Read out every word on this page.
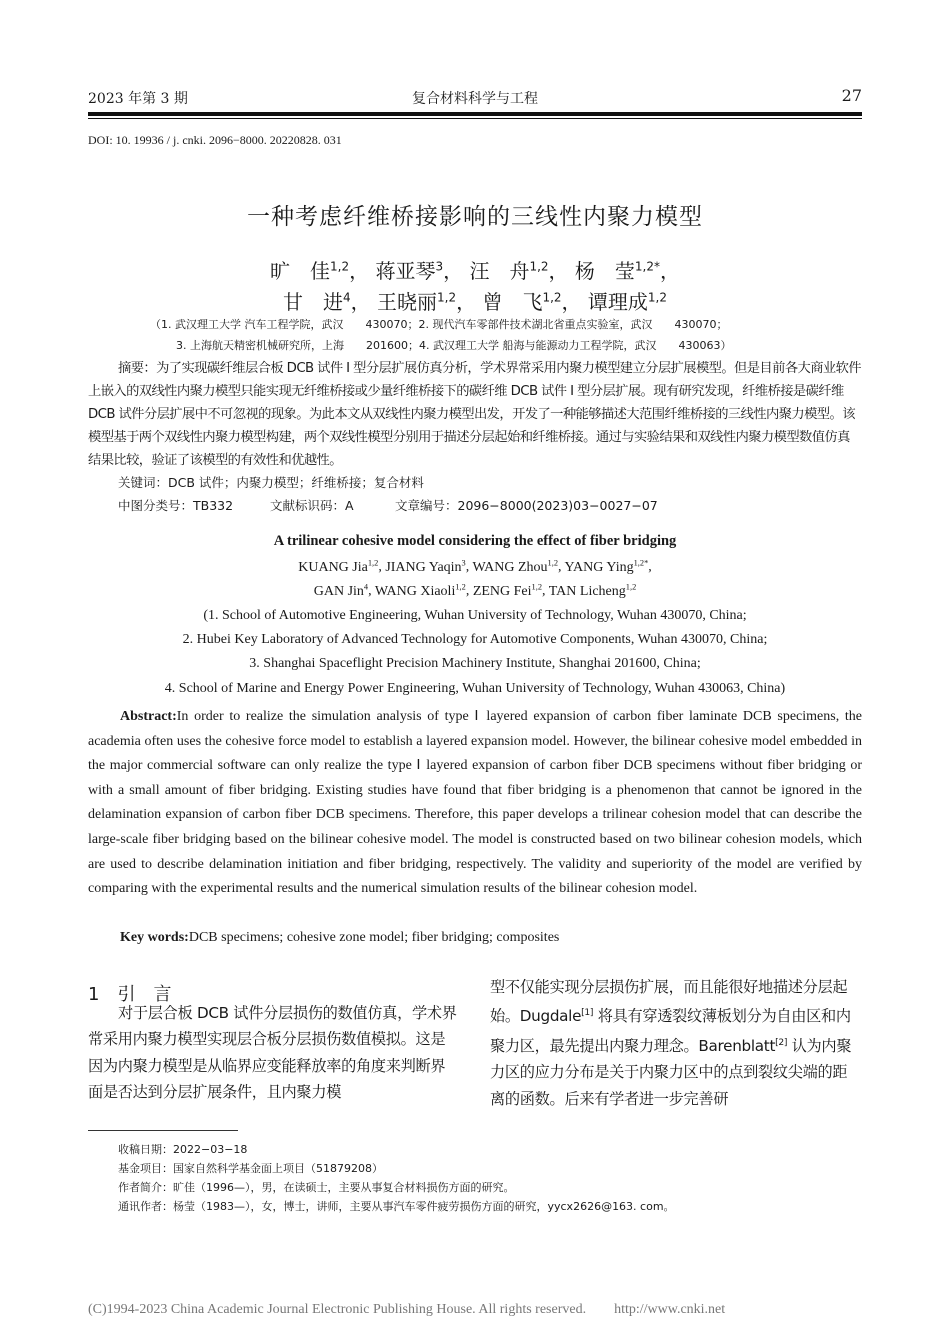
2023 年第 3 期	复合材料科学与工程	27
DOI: 10. 19936 / j. cnki. 2096−8000. 20220828. 031
一种考虑纤维桥接影响的三线性内聚力模型
旷　佳$^{1,2}$， 蒋亚琴$^3$， 汪　舟$^{1,2}$， 杨　莹$^{1,2*}$，
甘　进$^4$， 王晓丽$^{1,2}$， 曾　飞$^{1,2}$， 谭理成$^{1,2}$
（1. 武汉理工大学 汽车工程学院，武汉　　430070；2. 现代汽车零部件技术湖北省重点实验室，武汉　　430070；
3. 上海航天精密机械研究所，上海　　201600；4. 武汉理工大学 船海与能源动力工程学院，武汉　　430063）
摘要：为了实现碳纤维层合板 DCB 试件 Ⅰ 型分层扩展仿真分析，学术界常采用内聚力模型建立分层扩展模型。但是目前各大商业软件上嵌入的双线性内聚力模型只能实现无纤维桥接或少量纤维桥接下的碳纤维 DCB 试件 Ⅰ 型分层扩展。现有研究发现，纤维桥接是碳纤维 DCB 试件分层扩展中不可忽视的现象。为此本文从双线性内聚力模型出发，开发了一种能够描述大范围纤维桥接的三线性内聚力模型。该模型基于两个双线性内聚力模型构建，两个双线性模型分别用于描述分层起始和纤维桥接。通过与实验结果和双线性内聚力模型数值仿真结果比较，验证了该模型的有效性和优越性。
关键词：DCB 试件；内聚力模型；纤维桥接；复合材料
中图分类号：TB332	文献标识码：A	文章编号：2096−8000(2023)03−0027−07
A trilinear cohesive model considering the effect of fiber bridging
KUANG Jia$^{1,2}$, JIANG Yaqin$^3$, WANG Zhou$^{1,2}$, YANG Ying$^{1,2*}$,
GAN Jin$^4$, WANG Xiaoli$^{1,2}$, ZENG Fei$^{1,2}$, TAN Licheng$^{1,2}$
(1. School of Automotive Engineering, Wuhan University of Technology, Wuhan 430070, China;
2. Hubei Key Laboratory of Advanced Technology for Automotive Components, Wuhan 430070, China;
3. Shanghai Spaceflight Precision Machinery Institute, Shanghai 201600, China;
4. School of Marine and Energy Power Engineering, Wuhan University of Technology, Wuhan 430063, China)
Abstract:In order to realize the simulation analysis of type Ⅰ layered expansion of carbon fiber laminate DCB specimens, the academia often uses the cohesive force model to establish a layered expansion model. However, the bilinear cohesive model embedded in the major commercial software can only realize the type Ⅰ layered expansion of carbon fiber DCB specimens without fiber bridging or with a small amount of fiber bridging. Existing studies have found that fiber bridging is a phenomenon that cannot be ignored in the delamination expansion of carbon fiber DCB specimens. Therefore, this paper develops a trilinear cohesion model that can describe the large-scale fiber bridging based on the bilinear cohesive model. The model is constructed based on two bilinear cohesion models, which are used to describe delamination initiation and fiber bridging, respectively. The validity and superiority of the model are verified by comparing with the experimental results and the numerical simulation results of the bilinear cohesion model.
Key words:DCB specimens; cohesive zone model; fiber bridging; composites
1　引　言

对于层合板 DCB 试件分层损伤的数值仿真，学术界常采用内聚力模型实现层合板分层损伤数值模拟。这是因为内聚力模型是从临界应变能释放率的角度来判断界面是否达到分层扩展条件，且内聚力模

型不仅能实现分层损伤扩展，而且能很好地描述分层起始。Dugdale[1] 将具有穿透裂纹薄板划分为自由区和内聚力区，最先提出内聚力理念。Barenblatt[2] 认为内聚力区的应力分布是关于内聚力区中的点到裂纹尖端的距离的函数。后来有学者进一步完善研

收稿日期：2022−03−18
基金项目：国家自然科学基金面上项目（51879208）
作者简介：旷佳（1996—），男，在读硕士，主要从事复合材料损伤方面的研究。
通讯作者：杨莹（1983—），女，博士，讲师，主要从事汽车零件疲劳损伤方面的研究，yycx2626@163. com。
(C)1994-2023 China Academic Journal Electronic Publishing House. All rights reserved.　　http://www.cnki.net
